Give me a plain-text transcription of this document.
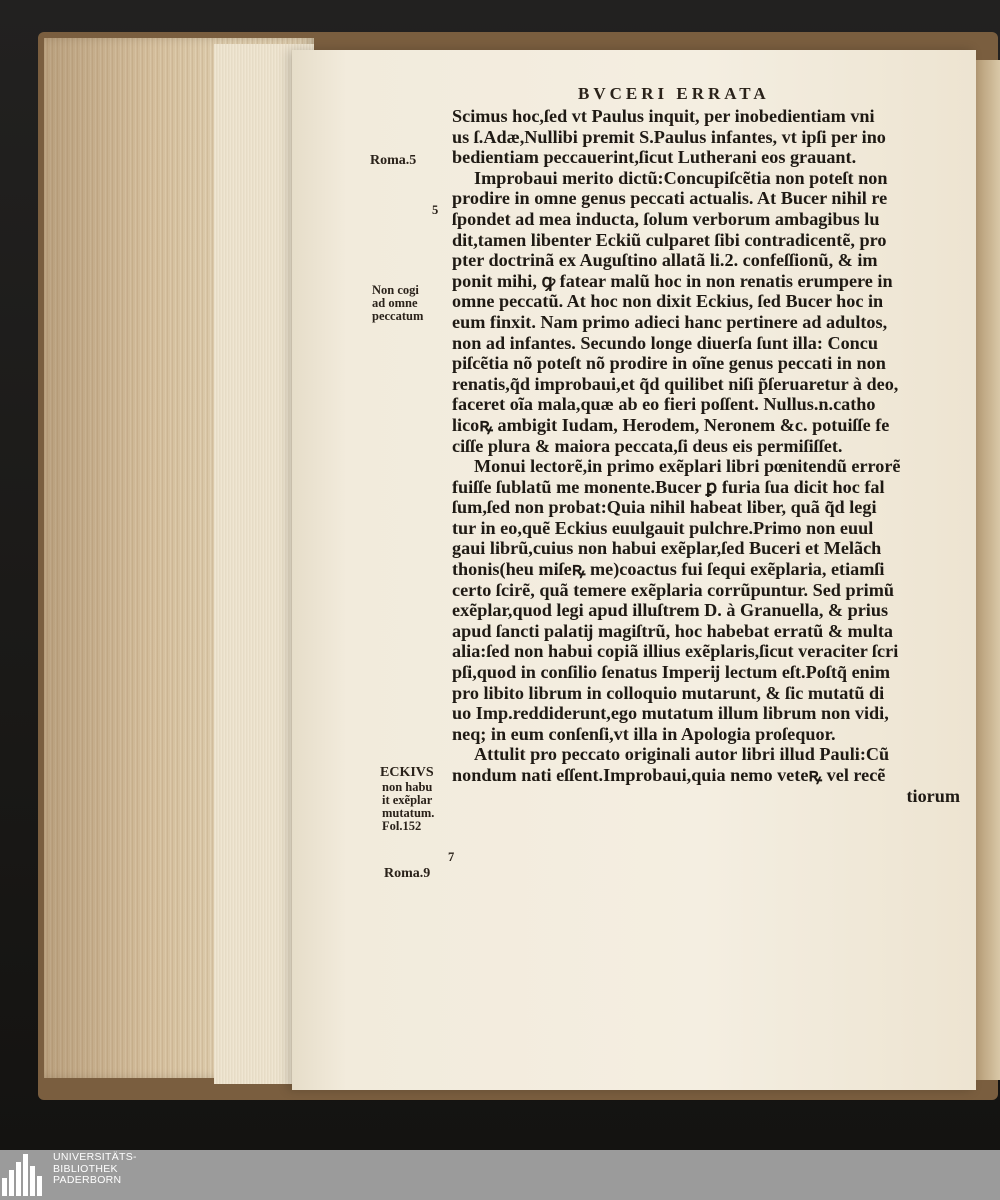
BVCERI ERRATA
Scimus hoc,ſed vt Paulus inquit, per inobedientiam vni
us ſ.Adæ,Nullibi premit S.Paulus infantes, vt ipſi per ino
bedientiam peccauerint,ſicut Lutherani eos grauant.
Improbaui merito dictũ:Concupiſcẽtia non poteſt non
prodire in omne genus peccati actualis. At Bucer nihil re
ſpondet ad mea inducta, ſolum verborum ambagibus lu
dit,tamen libenter Eckiũ culparet ſibi contradicentẽ, pro
pter doctrinã ex Auguſtino allatã li.2. confeſſionũ, & im
ponit mihi, ꝙ fatear malũ hoc in non renatis erumpere in
omne peccatũ. At hoc non dixit Eckius, ſed Bucer hoc in
eum finxit. Nam primo adieci hanc pertinere ad adultos,
non ad infantes. Secundo longe diuerſa ſunt illa: Concu
piſcẽtia nõ poteſt nõ prodire in oĩne genus peccati in non
renatis,q̃d improbaui,et q̃d quilibet niſi p̃ſeruaretur à deo,
faceret oĩa mala,quæ ab eo fieri poſſent. Nullus.n.catho
licoꝶ ambigit Iudam, Herodem, Neronem &c. potuiſſe fe
ciſſe plura & maiora peccata,ſi deus eis permiſiſſet.
Monui lectorẽ,in primo exẽplari libri pœnitendũ errorẽ
fuiſſe ſublatũ me monente.Bucer ꝑ furia ſua dicit hoc fal
ſum,ſed non probat:Quia nihil habeat liber, quã q̃d legi
tur in eo,quẽ Eckius euulgauit pulchre.Primo non euul
gaui librũ,cuius non habui exẽplar,ſed Buceri et Melãch
thonis(heu miſeꝶ me)coactus fui ſequi exẽplaria, etiamſi
certo ſcirẽ, quã temere exẽplaria corrũpuntur. Sed primũ
exẽplar,quod legi apud illuſtrem D. à Granuella, & prius
apud ſancti palatĳ magiſtrũ, hoc habebat erratũ & multa
alia:ſed non habui copiã illius exẽplaris,ſicut veraciter ſcri
pſi,quod in conſilio ſenatus Imperĳ lectum eſt.Poſtq̃ enim
pro libito librum in colloquio mutarunt, & ſic mutatũ di
uo Imp.reddiderunt,ego mutatum illum librum non vidi,
neq; in eum conſenſi,vt illa in Apologia proſequor.
Attulit pro peccato originali autor libri illud Pauli:Cũ
nondum nati eſſent.Improbaui,quia nemo veteꝶ vel recẽ
tiorum
Roma.5
5
Non cogi
ad omne
peccatum
ECKIVS
non habu
it exẽplar
mutatum.
Fol.152
7
Roma.9
UNIVERSITÄTS-
BIBLIOTHEK
PADERBORN
